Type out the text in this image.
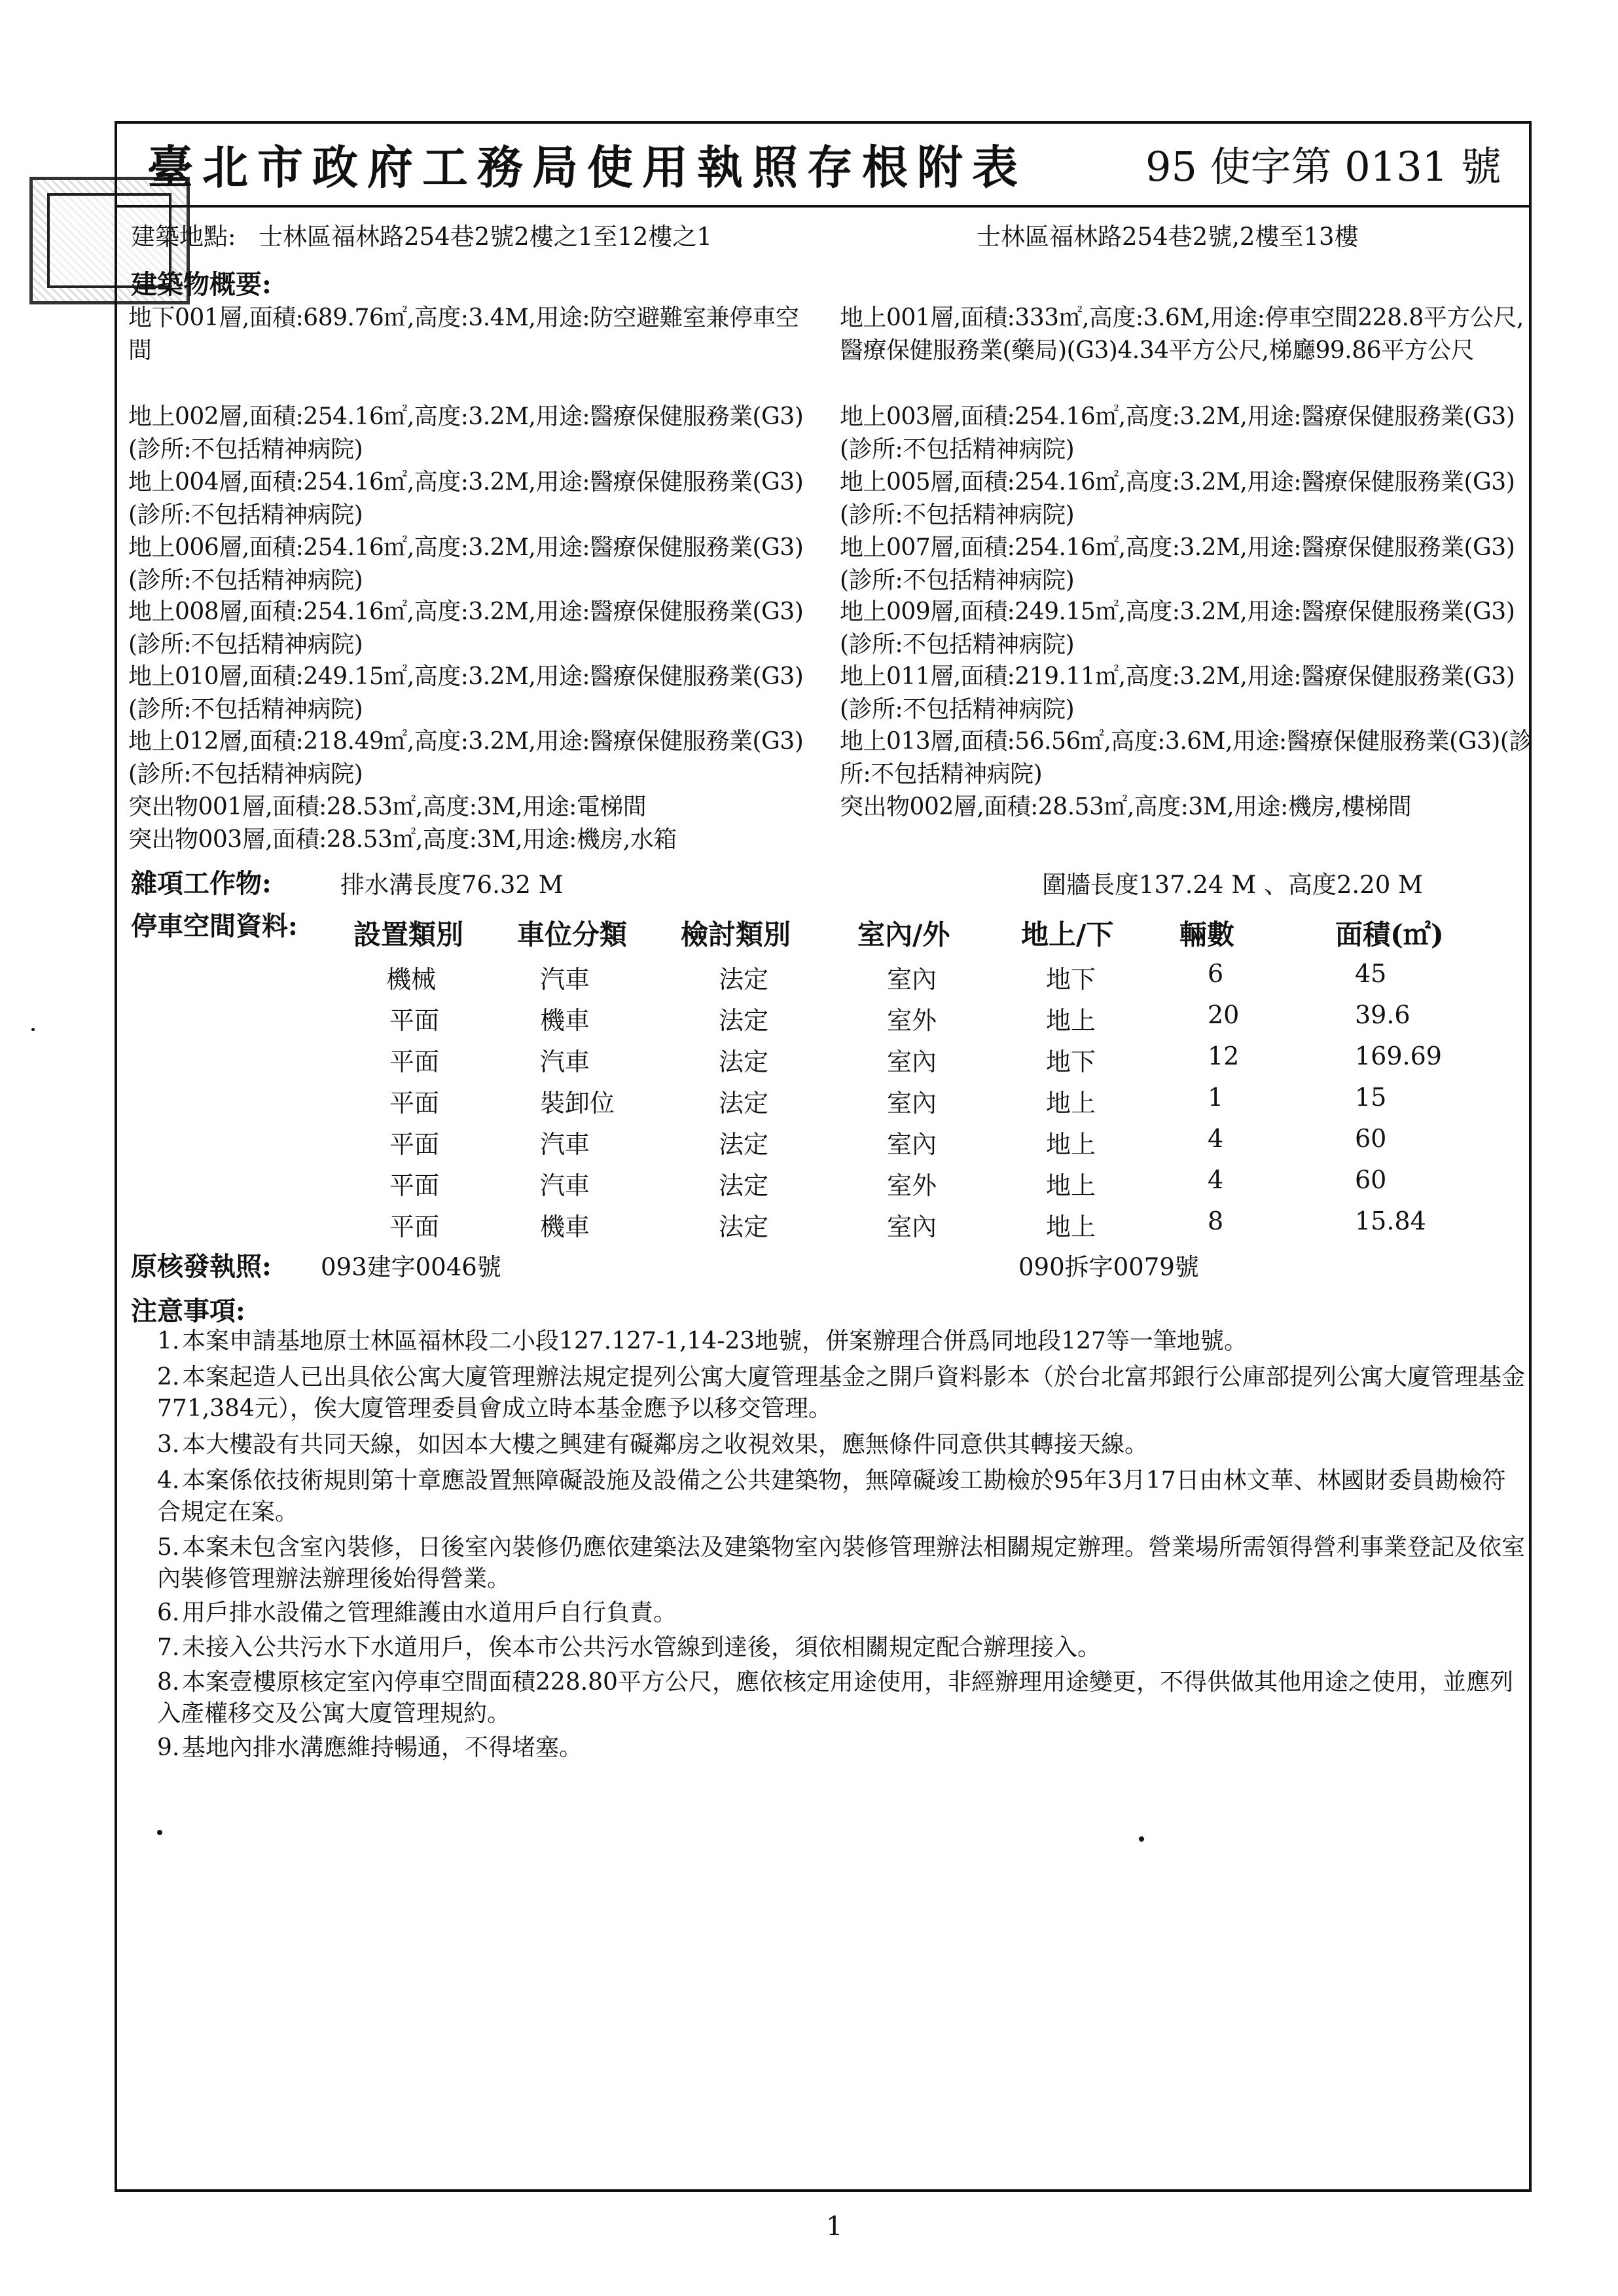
臺北市政府工務局使用執照存根附表	95 使字第 0131 號
建築地點: 士林區福林路254巷2號2樓之1至12樓之1	士林區福林路254巷2號,2樓至13樓
建築物概要:
地下001層,面積:689.76㎡,高度:3.4M,用途:防空避難室兼停車空間
地上002層,面積:254.16㎡,高度:3.2M,用途:醫療保健服務業(G3)(診所:不包括精神病院)
地上004層,面積:254.16㎡,高度:3.2M,用途:醫療保健服務業(G3)(診所:不包括精神病院)
地上006層,面積:254.16㎡,高度:3.2M,用途:醫療保健服務業(G3)(診所:不包括精神病院)
地上008層,面積:254.16㎡,高度:3.2M,用途:醫療保健服務業(G3)(診所:不包括精神病院)
地上010層,面積:249.15㎡,高度:3.2M,用途:醫療保健服務業(G3)(診所:不包括精神病院)
地上012層,面積:218.49㎡,高度:3.2M,用途:醫療保健服務業(G3)(診所:不包括精神病院)
突出物001層,面積:28.53㎡,高度:3M,用途:電梯間
突出物003層,面積:28.53㎡,高度:3M,用途:機房,水箱
地上001層,面積:333㎡,高度:3.6M,用途:停車空間228.8平方公尺,醫療保健服務業(藥局)(G3)4.34平方公尺,梯廳99.86平方公尺
地上003層,面積:254.16㎡,高度:3.2M,用途:醫療保健服務業(G3)(診所:不包括精神病院)
地上005層,面積:254.16㎡,高度:3.2M,用途:醫療保健服務業(G3)(診所:不包括精神病院)
地上007層,面積:254.16㎡,高度:3.2M,用途:醫療保健服務業(G3)(診所:不包括精神病院)
地上009層,面積:249.15㎡,高度:3.2M,用途:醫療保健服務業(G3)(診所:不包括精神病院)
地上011層,面積:219.11㎡,高度:3.2M,用途:醫療保健服務業(G3)(診所:不包括精神病院)
地上013層,面積:56.56㎡,高度:3.6M,用途:醫療保健服務業(G3)(診所:不包括精神病院)
突出物002層,面積:28.53㎡,高度:3M,用途:機房,樓梯間
雜項工作物:	排水溝長度76.32 M	圍牆長度137.24 M 、高度2.20 M
停車空間資料: 設置類別 車位分類 檢討類別 室內/外	地上/下 輛數	面積(㎡)
機械	汽車	法定	室內	地下	6	45
平面	機車	法定	室外	地上	20	39.6
平面	汽車	法定	室內	地下	12	169.69
平面	裝卸位	法定	室內	地上	1	15
平面	汽車	法定	室內	地上	4	60
平面	汽車	法定	室外	地上	4	60
平面	機車	法定	室內	地上	8	15.84
原核發執照: 093建字0046號	090拆字0079號
注意事項:
1. 本案申請基地原士林區福林段二小段127.127-1,14-23地號，併案辦理合併爲同地段127等一筆地號。
2. 本案起造人已出具依公寓大廈管理辦法規定提列公寓大廈管理基金之開戶資料影本（於台北富邦銀行公庫部提列公寓大廈管理基金771,384元），俟大廈管理委員會成立時本基金應予以移交管理。
3. 本大樓設有共同天線，如因本大樓之興建有礙鄰房之收視效果，應無條件同意供其轉接天線。
4. 本案係依技術規則第十章應設置無障礙設施及設備之公共建築物，無障礙竣工勘檢於95年3月17日由林文華、林國財委員勘檢符合規定在案。
5. 本案未包含室內裝修，日後室內裝修仍應依建築法及建築物室內裝修管理辦法相關規定辦理。營業場所需領得營利事業登記及依室內裝修管理辦法辦理後始得營業。
6. 用戶排水設備之管理維護由水道用戶自行負責。
7. 未接入公共污水下水道用戶，俟本市公共污水管線到達後，須依相關規定配合辦理接入。
8. 本案壹樓原核定室內停車空間面積228.80平方公尺，應依核定用途使用，非經辦理用途變更，不得供做其他用途之使用，並應列入產權移交及公寓大廈管理規約。
9. 基地內排水溝應維持暢通，不得堵塞。
1
